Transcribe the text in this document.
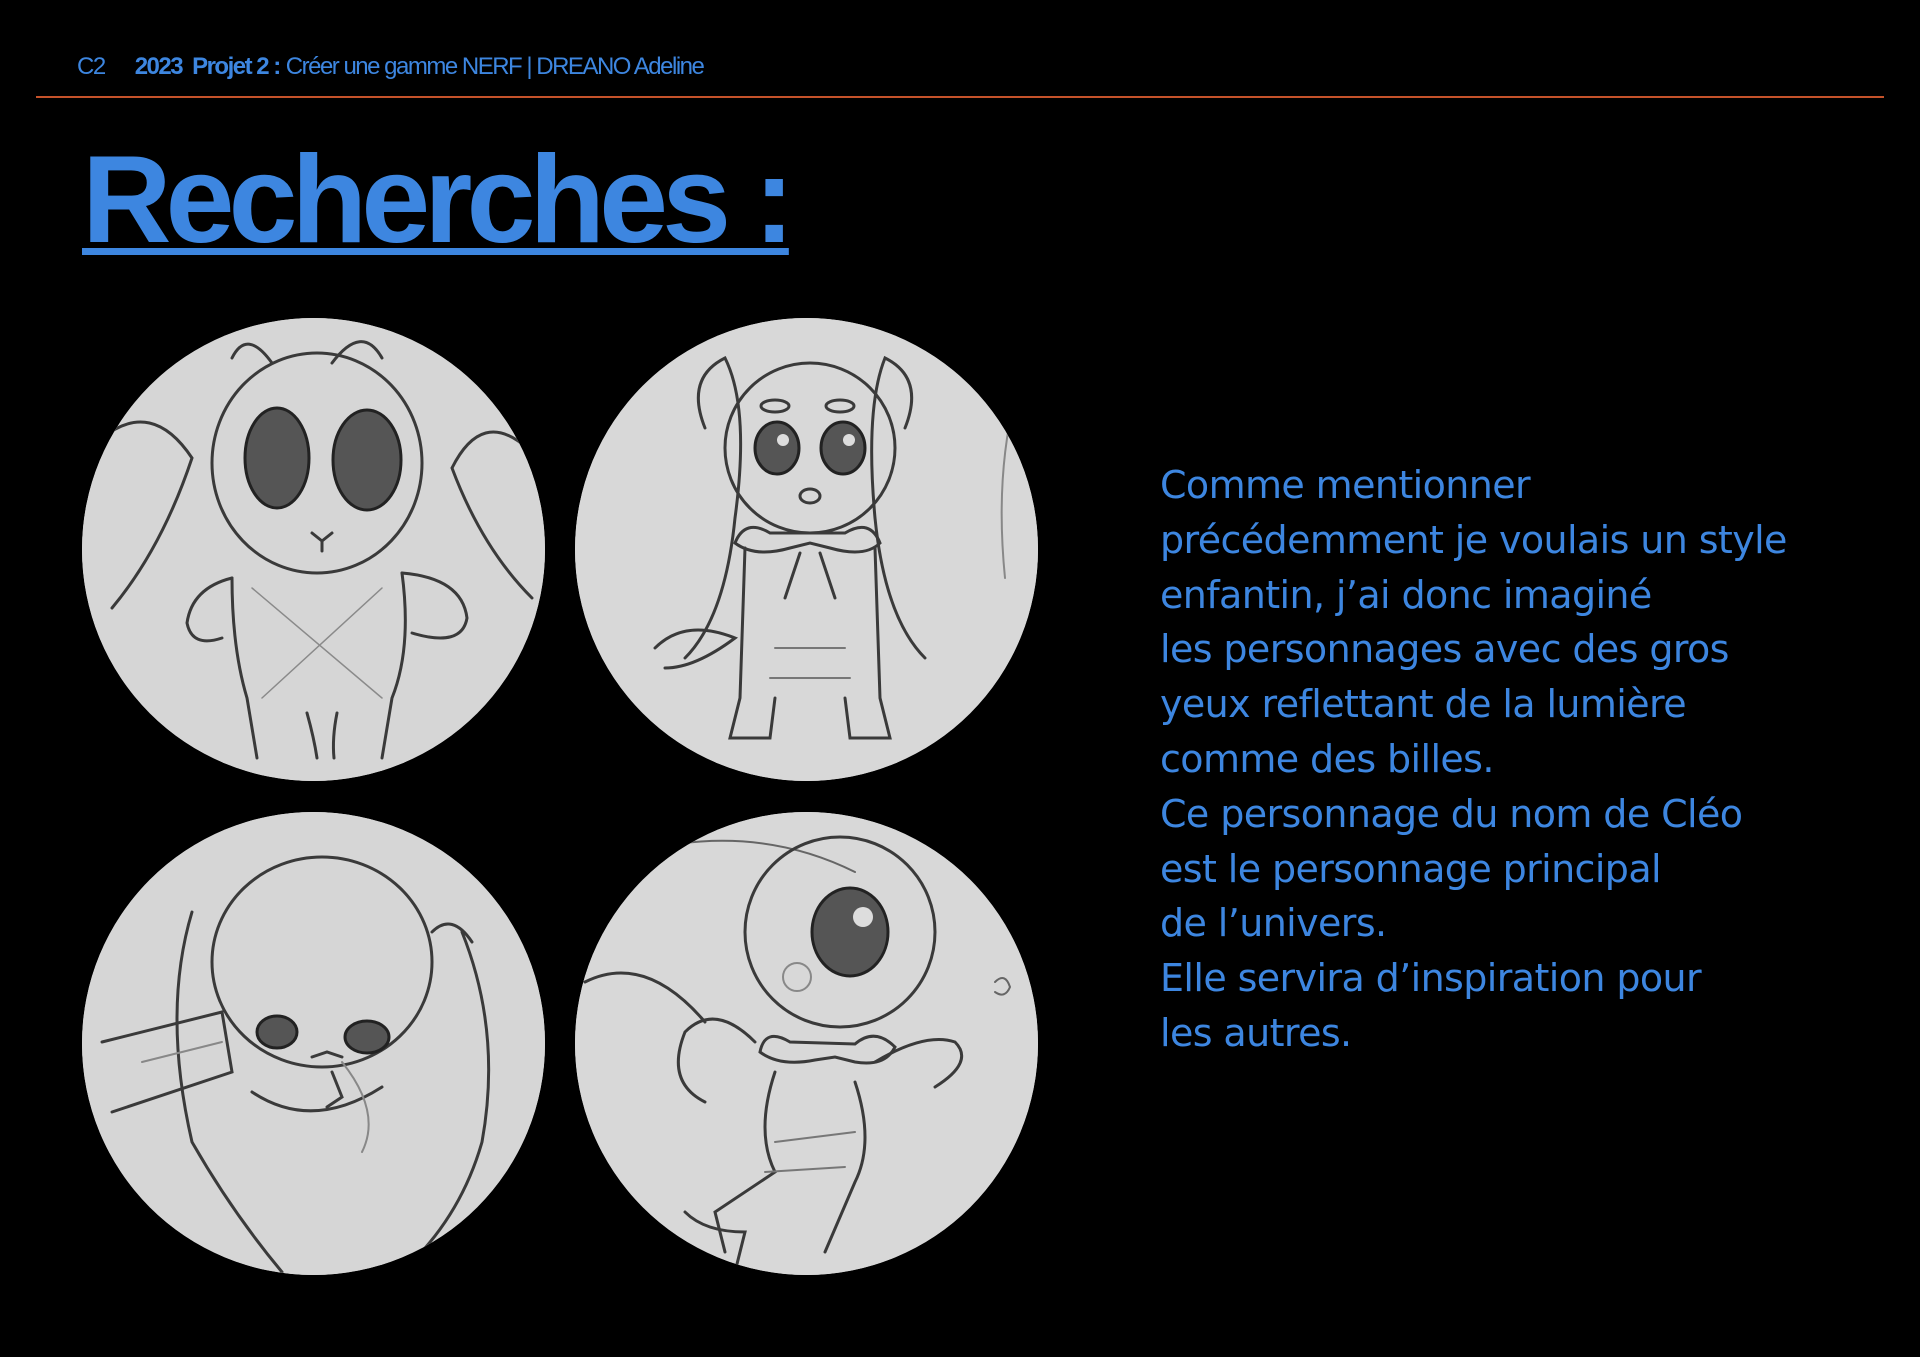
C2 2023 Projet 2 : Créer une gamme NERF | DREANO Adeline
Recherches :
Comme mentionner
précédemment je voulais un style
enfantin, j’ai donc imaginé
les personnages avec des gros
yeux reflettant de la lumière
comme des billes.
Ce personnage du nom de Cléo
est le personnage principal
de l’univers.
Elle servira d’inspiration pour
les autres.
